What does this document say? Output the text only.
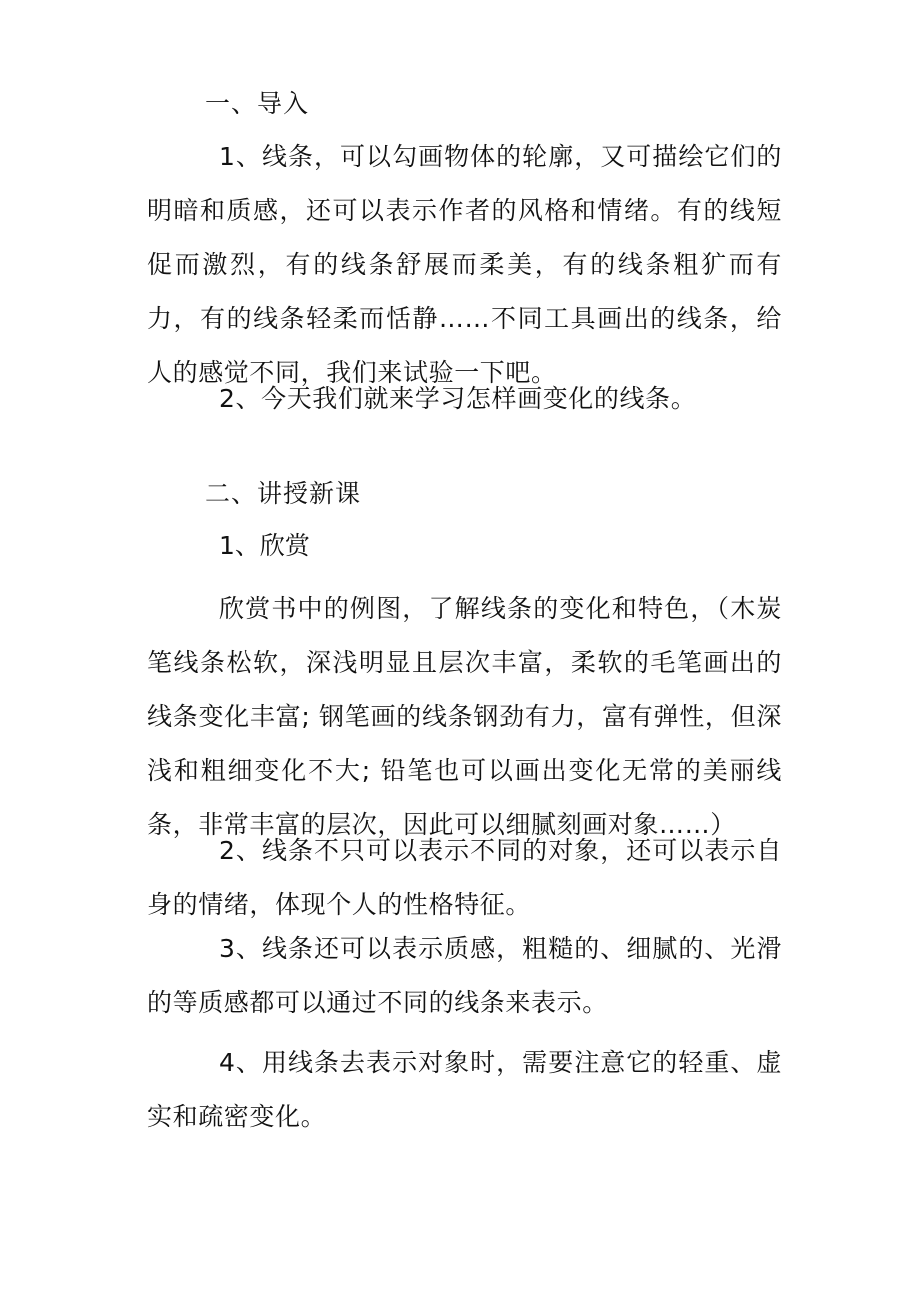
一、导入

1、线条，可以勾画物体的轮廓，又可描绘它们的明暗和质感，还可以表示作者的风格和情绪。有的线短促而激烈，有的线条舒展而柔美，有的线条粗犷而有力，有的线条轻柔而恬静……不同工具画出的线条，给人的感觉不同，我们来试验一下吧。

2、今天我们就来学习怎样画变化的线条。

二、讲授新课

1、欣赏

欣赏书中的例图，了解线条的变化和特色，（木炭笔线条松软，深浅明显且层次丰富，柔软的毛笔画出的线条变化丰富; 钢笔画的线条钢劲有力，富有弹性，但深浅和粗细变化不大; 铅笔也可以画出变化无常的美丽线条，非常丰富的层次，因此可以细腻刻画对象……）

2、线条不只可以表示不同的对象，还可以表示自身的情绪，体现个人的性格特征。

3、线条还可以表示质感，粗糙的、细腻的、光滑的等质感都可以通过不同的线条来表示。

4、用线条去表示对象时，需要注意它的轻重、虚实和疏密变化。
